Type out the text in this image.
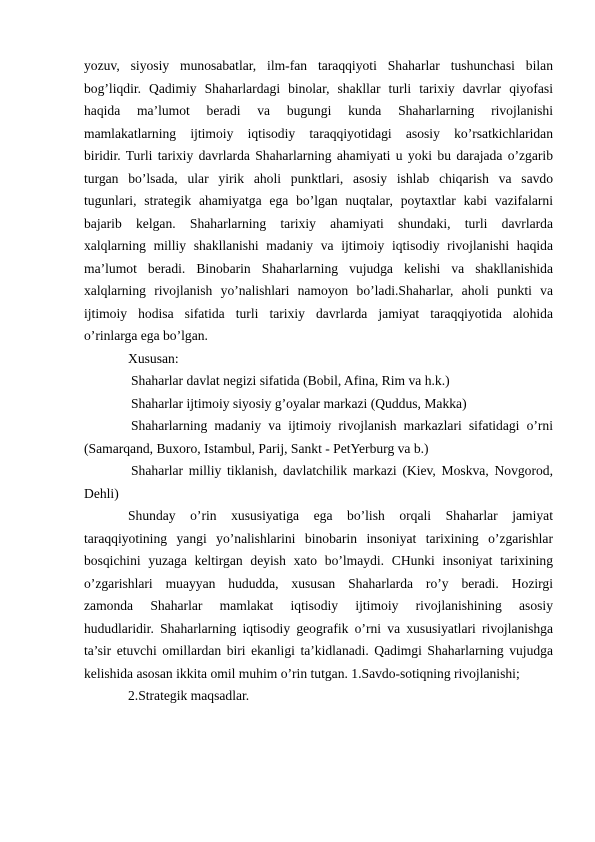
yozuv, siyosiy munosabatlar, ilm-fan taraqqiyoti Shaharlar tushunchasi bilan
bog’liqdir. Qadimiy Shaharlardagi binolar, shakllar turli tarixiy davrlar qiyofasi
haqida ma’lumot beradi va bugungi kunda Shaharlarning rivojlanishi
mamlakatlarning ijtimoiy iqtisodiy taraqqiyotidagi asosiy ko’rsatkichlaridan
biridir. Turli tarixiy davrlarda Shaharlarning ahamiyati u yoki bu darajada o’zgarib
turgan bo’lsada, ular yirik aholi punktlari, asosiy ishlab chiqarish va savdo
tugunlari, strategik ahamiyatga ega bo’lgan nuqtalar, poytaxtlar kabi vazifalarni
bajarib kelgan. Shaharlarning tarixiy ahamiyati shundaki, turli davrlarda
xalqlarning milliy shakllanishi madaniy va ijtimoiy iqtisodiy rivojlanishi haqida
ma’lumot beradi. Binobarin Shaharlarning vujudga kelishi va shakllanishida
xalqlarning rivojlanish yo’nalishlari namoyon bo’ladi.Shaharlar, aholi punkti va
ijtimoiy hodisa sifatida turli tarixiy davrlarda jamiyat taraqqiyotida alohida
o’rinlarga ega bo’lgan.
Xususan:
Shaharlar davlat negizi sifatida (Bobil, Afina, Rim va h.k.)
Shaharlar ijtimoiy siyosiy g’oyalar markazi (Quddus, Makka)
Shaharlarning madaniy va ijtimoiy rivojlanish markazlari sifatidagi o’rni
(Samarqand, Buxoro, Istambul, Parij, Sankt - PetYerburg va b.)
Shaharlar milliy tiklanish, davlatchilik markazi (Kiev, Moskva, Novgorod,
Dehli)
Shunday o’rin xususiyatiga ega bo’lish orqali Shaharlar jamiyat
taraqqiyotining yangi yo’nalishlarini binobarin insoniyat tarixining o’zgarishlar
bosqichini yuzaga keltirgan deyish xato bo’lmaydi. CHunki insoniyat tarixining
o’zgarishlari muayyan hududda, xususan Shaharlarda ro’y beradi. Hozirgi
zamonda Shaharlar mamlakat iqtisodiy ijtimoiy rivojlanishining asosiy
hududlaridir. Shaharlarning iqtisodiy geografik o’rni va xususiyatlari rivojlanishga
ta’sir etuvchi omillardan biri ekanligi ta’kidlanadi. Qadimgi Shaharlarning vujudga
kelishida asosan ikkita omil muhim o’rin tutgan. 1.Savdo-sotiqning rivojlanishi;
2.Strategik maqsadlar.
